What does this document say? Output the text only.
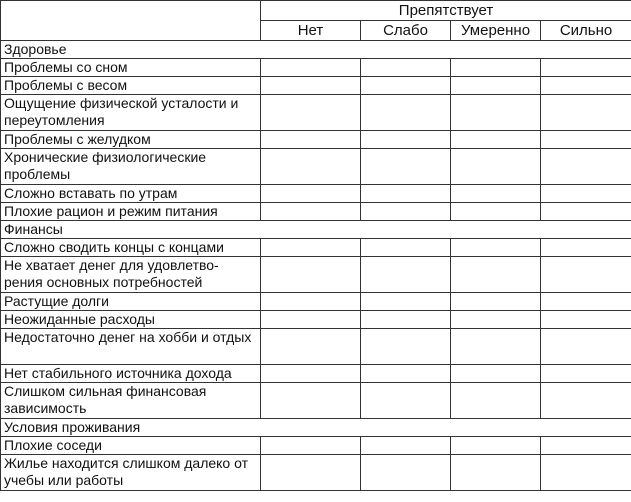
	Препятствует			
	Нет	Слабо	Умеренно	Сильно
Здоровье				
Проблемы со сном				
Проблемы с весом				
Ощущение физической усталости и переутомления				
Проблемы с желудком				
Хронические физиологические проблемы				
Сложно вставать по утрам				
Плохие рацион и режим питания				
Финансы				
Сложно сводить концы с концами				
Не хватает денег для удовлетво-рения основных потребностей				
Растущие долги				
Неожиданные расходы				
Недостаточно денег на хобби и отдых				
Нет стабильного источника дохода				
Слишком сильная финансовая зависимость				
Условия проживания				
Плохие соседи				
Жилье находится слишком далеко от учебы или работы				
